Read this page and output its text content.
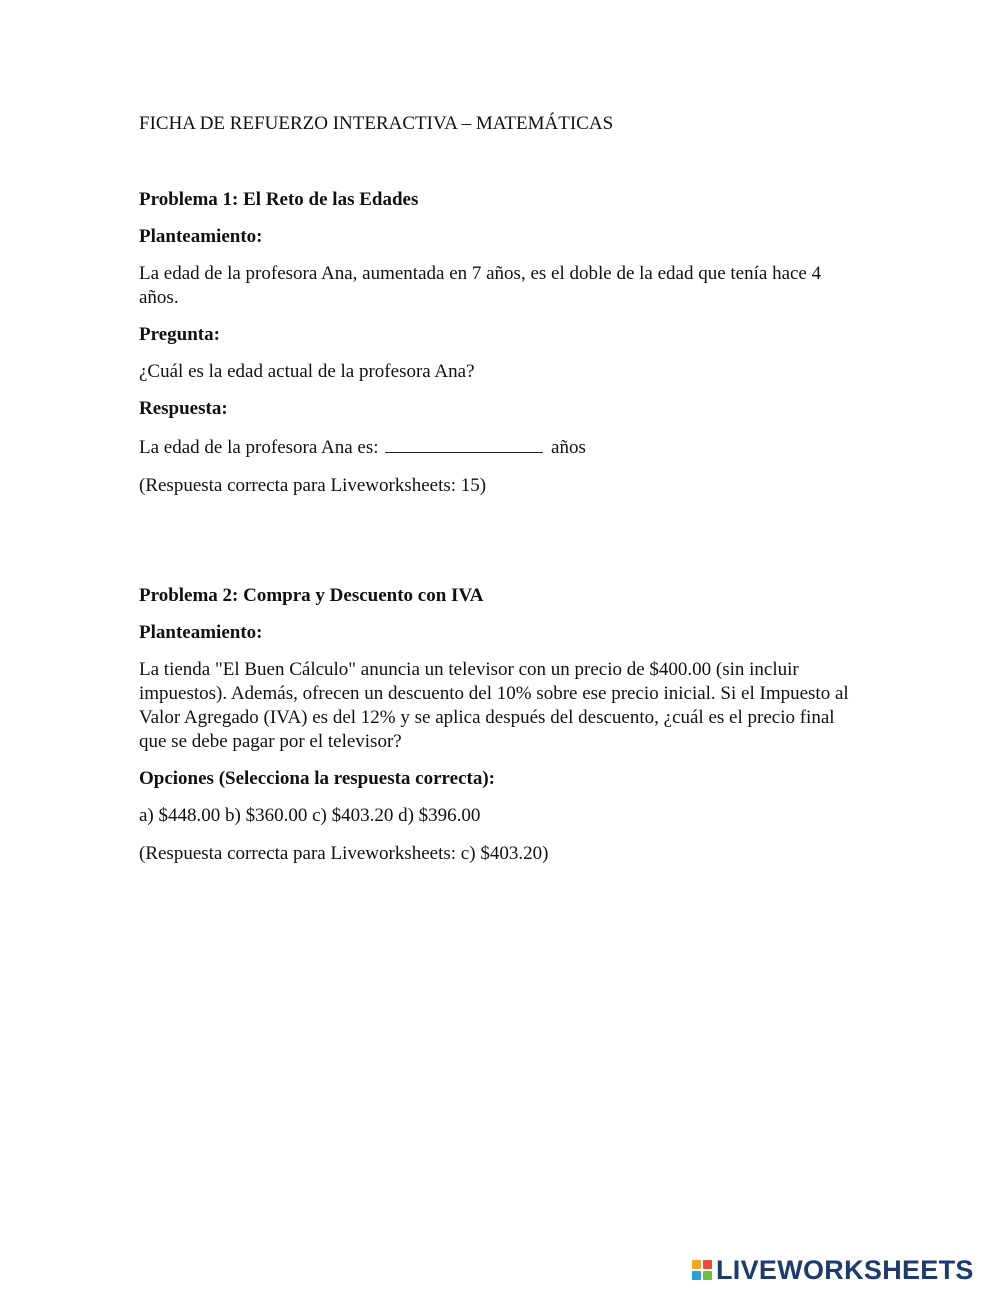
FICHA DE REFUERZO INTERACTIVA – MATEMÁTICAS

Problema 1: El Reto de las Edades

Planteamiento:

La edad de la profesora Ana, aumentada en 7 años, es el doble de la edad que tenía hace 4 años.

Pregunta:

¿Cuál es la edad actual de la profesora Ana?

Respuesta:

La edad de la profesora Ana es:	años

(Respuesta correcta para Liveworksheets: 15)

Problema 2: Compra y Descuento con IVA

Planteamiento:

La tienda "El Buen Cálculo" anuncia un televisor con un precio de $400.00 (sin incluir impuestos). Además, ofrecen un descuento del 10% sobre ese precio inicial. Si el Impuesto al Valor Agregado (IVA) es del 12% y se aplica después del descuento, ¿cuál es el precio final que se debe pagar por el televisor?

Opciones (Selecciona la respuesta correcta):

a) $448.00 b) $360.00 c) $403.20 d) $396.00

(Respuesta correcta para Liveworksheets: c) $403.20)

LIVEWORKSHEETS
